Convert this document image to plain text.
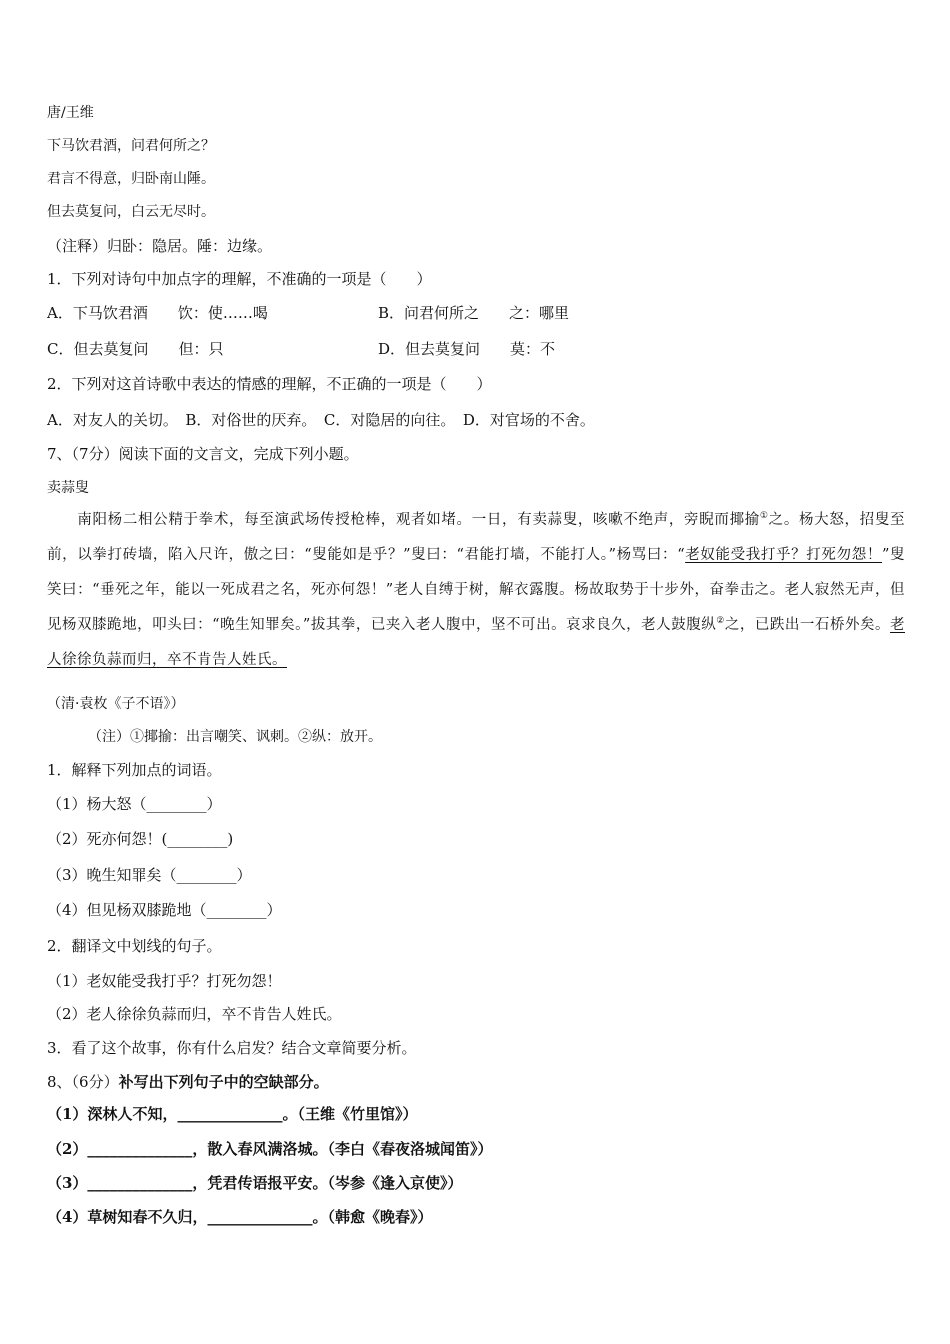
唐/王维
下马饮君酒，问君何所之？
君言不得意，归卧南山陲。
但去莫复问，白云无尽时。
（注释）归卧：隐居。陲：边缘。
1．下列对诗句中加点字的理解，不准确的一项是（　　）
A．下马饮君酒　　饮：使……喝	B．问君何所之　　之：哪里
C．但去莫复问　　但：只	D．但去莫复问　　莫：不
2．下列对这首诗歌中表达的情感的理解，不正确的一项是（　　）
A．对友人的关切。　B．对俗世的厌弃。　C．对隐居的向往。　D．对官场的不舍。
7、（7分）阅读下面的文言文，完成下列小题。
卖蒜叟
　　南阳杨二相公精于拳术，每至演武场传授枪棒，观者如堵。一日，有卖蒜叟，咳嗽不绝声，旁睨而揶揄①之。杨大怒，招叟至前，以拳打砖墙，陷入尺许，傲之曰：“叟能如是乎？”叟曰：“君能打墙，不能打人。”杨骂曰：“老奴能受我打乎？打死勿怨！”叟笑曰：“垂死之年，能以一死成君之名，死亦何怨！”老人自缚于树，解衣露腹。杨故取势于十步外，奋拳击之。老人寂然无声，但见杨双膝跪地，叩头曰：“晚生知罪矣。”拔其拳，已夹入老人腹中，坚不可出。哀求良久，老人鼓腹纵②之，已跌出一石桥外矣。老人徐徐负蒜而归，卒不肯告人姓氏。
（清·袁枚《子不语》）
（注）①揶揄：出言嘲笑、讽刺。②纵：放开。
1．解释下列加点的词语。
（1）杨大怒（________）
（2）死亦何怨！(________)
（3）晚生知罪矣（________）
（4）但见杨双膝跪地（________）
2．翻译文中划线的句子。
（1）老奴能受我打乎？打死勿怨！
（2）老人徐徐负蒜而归，卒不肯告人姓氏。
3．看了这个故事，你有什么启发？结合文章简要分析。
8、（6分）补写出下列句子中的空缺部分。
（1）深林人不知，______________。（王维《竹里馆》）
（2）______________，散入春风满洛城。（李白《春夜洛城闻笛》）
（3）______________，凭君传语报平安。（岑参《逢入京使》）
（4）草树知春不久归，______________。（韩愈《晚春》）
